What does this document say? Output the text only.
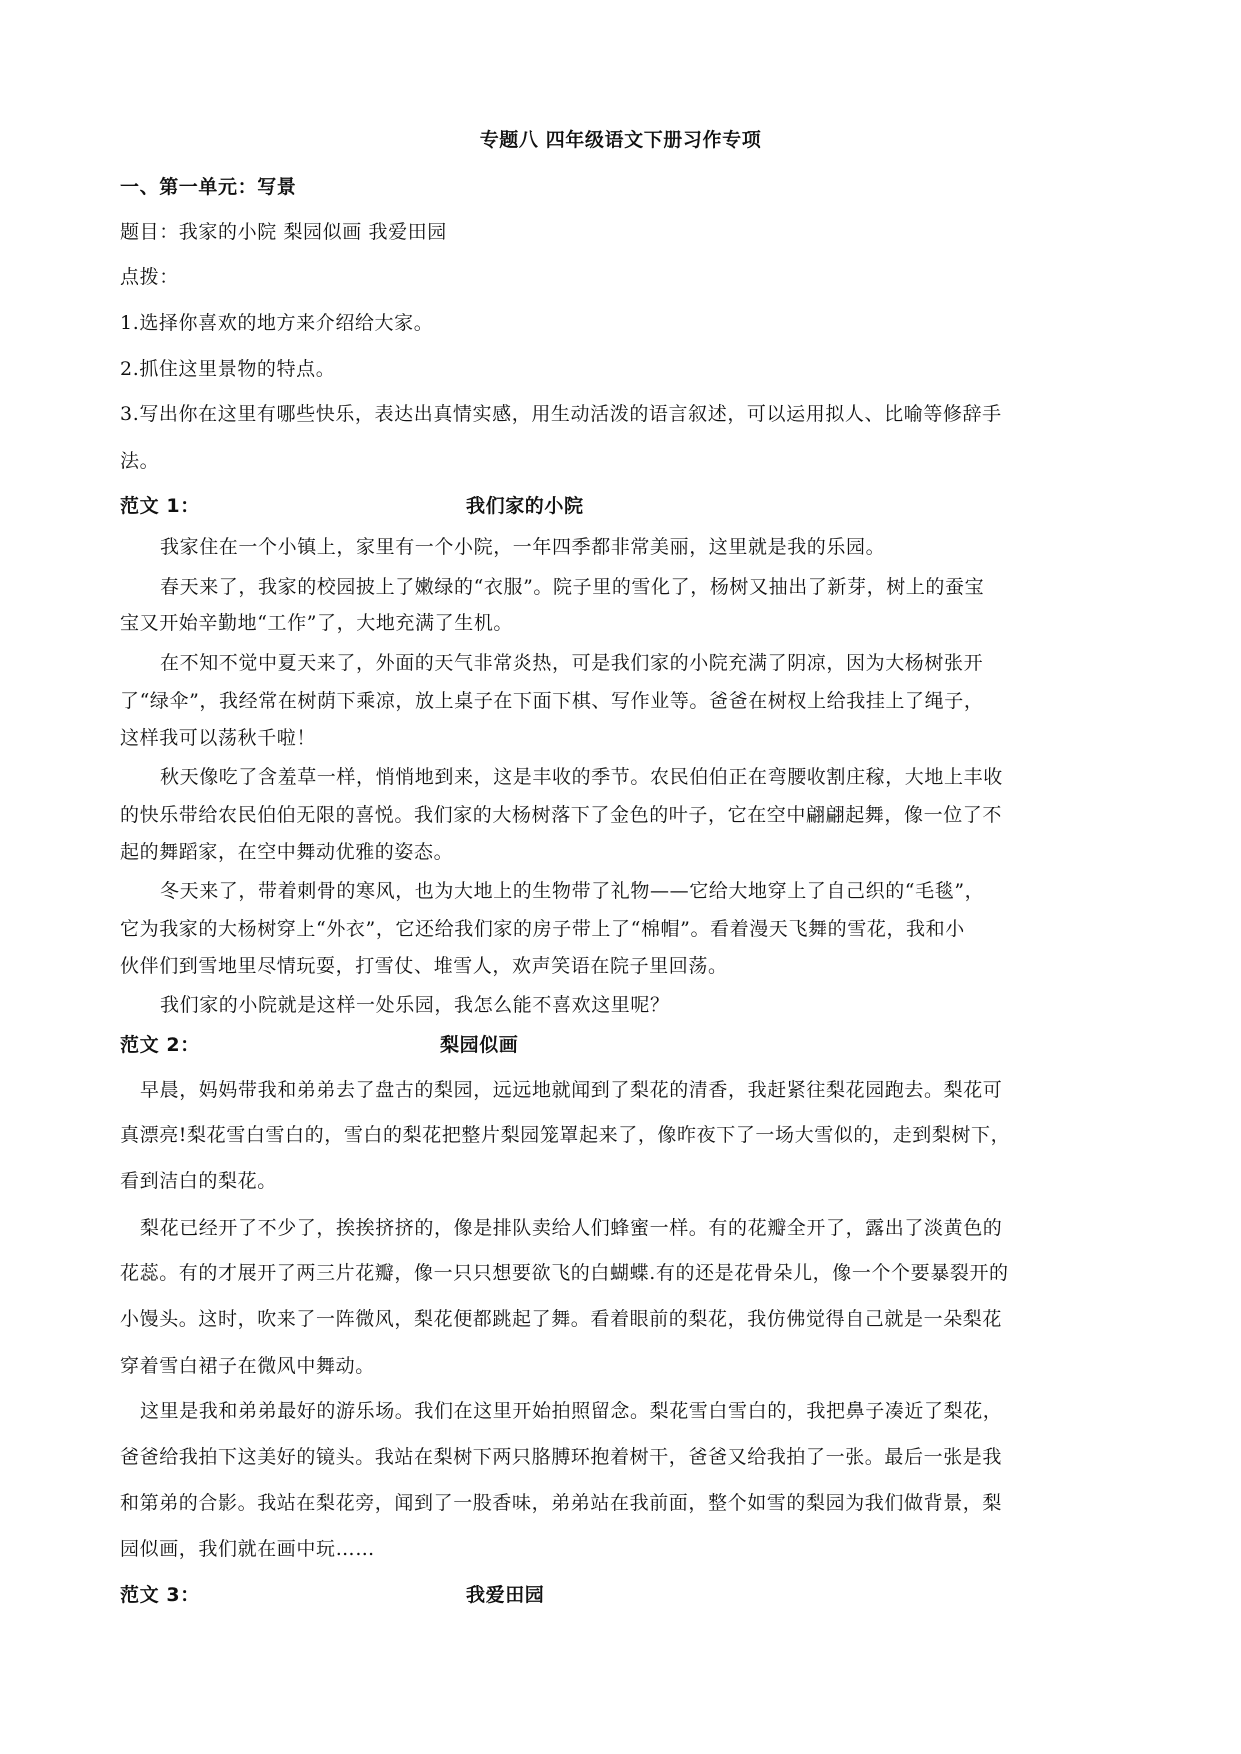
专题八 四年级语文下册习作专项
一、第一单元：写景
题目：我家的小院 梨园似画 我爱田园
点拨：
1.选择你喜欢的地方来介绍给大家。
2.抓住这里景物的特点。
3.写出你在这里有哪些快乐，表达出真情实感，用生动活泼的语言叙述，可以运用拟人、比喻等修辞手
法。
范文 1：	我们家的小院
我家住在一个小镇上，家里有一个小院，一年四季都非常美丽，这里就是我的乐园。
春天来了，我家的校园披上了嫩绿的“衣服”。院子里的雪化了，杨树又抽出了新芽，树上的蚕宝
宝又开始辛勤地“工作”了，大地充满了生机。
在不知不觉中夏天来了，外面的天气非常炎热，可是我们家的小院充满了阴凉，因为大杨树张开
了“绿伞”，我经常在树荫下乘凉，放上桌子在下面下棋、写作业等。爸爸在树杈上给我挂上了绳子，
这样我可以荡秋千啦！
秋天像吃了含羞草一样，悄悄地到来，这是丰收的季节。农民伯伯正在弯腰收割庄稼，大地上丰收
的快乐带给农民伯伯无限的喜悦。我们家的大杨树落下了金色的叶子，它在空中翩翩起舞，像一位了不
起的舞蹈家，在空中舞动优雅的姿态。
冬天来了，带着刺骨的寒风，也为大地上的生物带了礼物——它给大地穿上了自己织的“毛毯”，
它为我家的大杨树穿上“外衣”，它还给我们家的房子带上了“棉帽”。看着漫天飞舞的雪花，我和小
伙伴们到雪地里尽情玩耍，打雪仗、堆雪人，欢声笑语在院子里回荡。
我们家的小院就是这样一处乐园，我怎么能不喜欢这里呢？
范文 2：	梨园似画
早晨，妈妈带我和弟弟去了盘古的梨园，远远地就闻到了梨花的清香，我赶紧往梨花园跑去。梨花可
真漂亮!梨花雪白雪白的，雪白的梨花把整片梨园笼罩起来了，像昨夜下了一场大雪似的，走到梨树下，
看到洁白的梨花。
梨花已经开了不少了，挨挨挤挤的，像是排队卖给人们蜂蜜一样。有的花瓣全开了，露出了淡黄色的
花蕊。有的才展开了两三片花瓣，像一只只想要欲飞的白蝴蝶.有的还是花骨朵儿，像一个个要暴裂开的
小馒头。这时，吹来了一阵微风，梨花便都跳起了舞。看着眼前的梨花，我仿佛觉得自己就是一朵梨花
穿着雪白裙子在微风中舞动。
这里是我和弟弟最好的游乐场。我们在这里开始拍照留念。梨花雪白雪白的，我把鼻子凑近了梨花，
爸爸给我拍下这美好的镜头。我站在梨树下两只胳膊环抱着树干，爸爸又给我拍了一张。最后一张是我
和第弟的合影。我站在梨花旁，闻到了一股香味，弟弟站在我前面，整个如雪的梨园为我们做背景，梨
园似画，我们就在画中玩……
范文 3：	我爱田园
